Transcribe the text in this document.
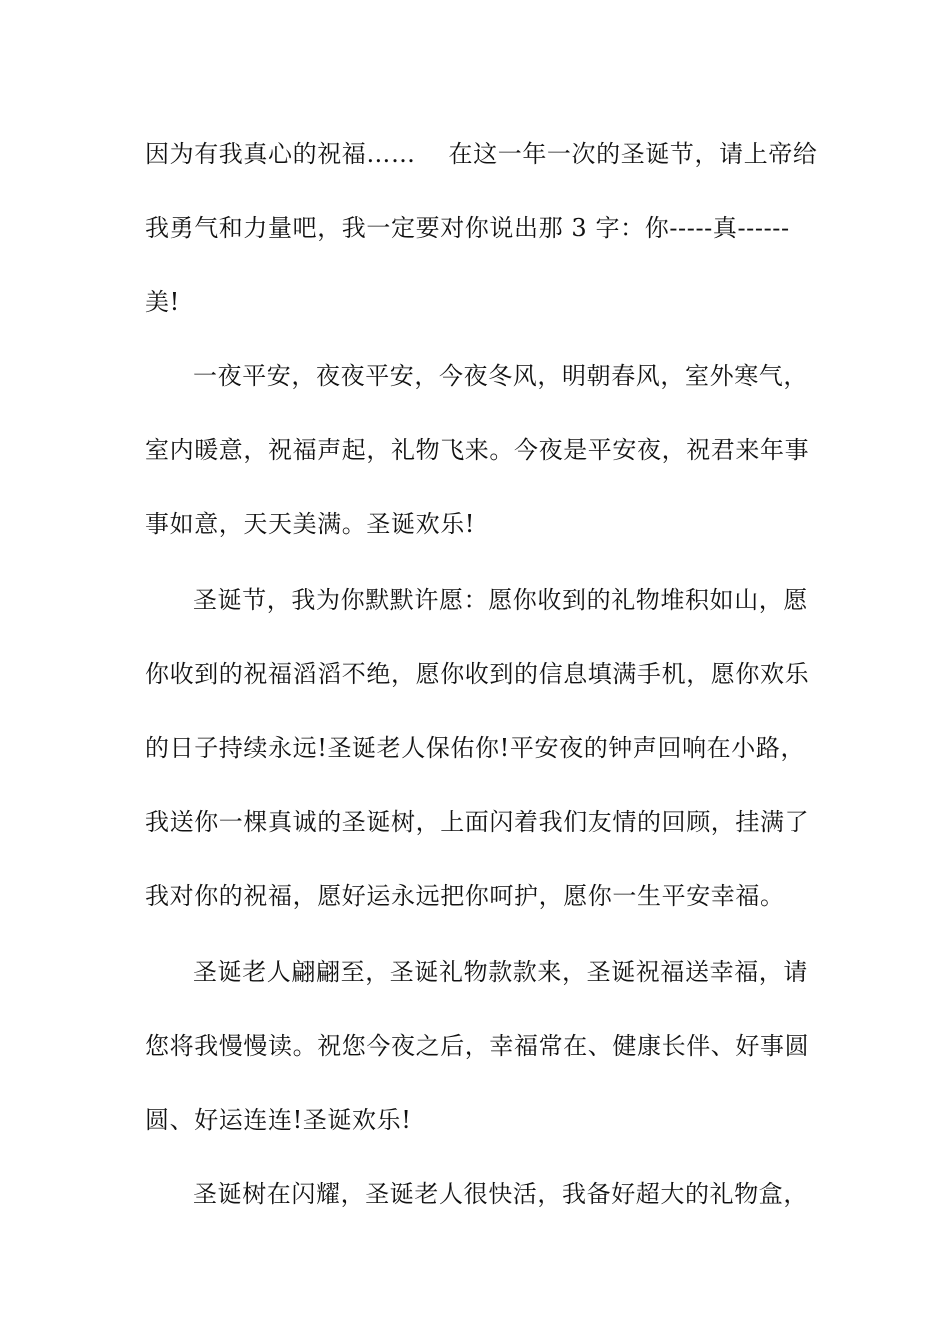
因为有我真心的祝福……    在这一年一次的圣诞节，请上帝给
我勇气和力量吧，我一定要对你说出那 3 字：你-----真------
美!
一夜平安，夜夜平安，今夜冬风，明朝春风，室外寒气，
室内暖意，祝福声起，礼物飞来。今夜是平安夜，祝君来年事
事如意，天天美满。圣诞欢乐!
圣诞节，我为你默默许愿：愿你收到的礼物堆积如山，愿
你收到的祝福滔滔不绝，愿你收到的信息填满手机，愿你欢乐
的日子持续永远!圣诞老人保佑你!平安夜的钟声回响在小路，
我送你一棵真诚的圣诞树，上面闪着我们友情的回顾，挂满了
我对你的祝福，愿好运永远把你呵护，愿你一生平安幸福。
圣诞老人翩翩至，圣诞礼物款款来，圣诞祝福送幸福，请
您将我慢慢读。祝您今夜之后，幸福常在、健康长伴、好事圆
圆、好运连连!圣诞欢乐!
圣诞树在闪耀，圣诞老人很快活，我备好超大的礼物盒，
